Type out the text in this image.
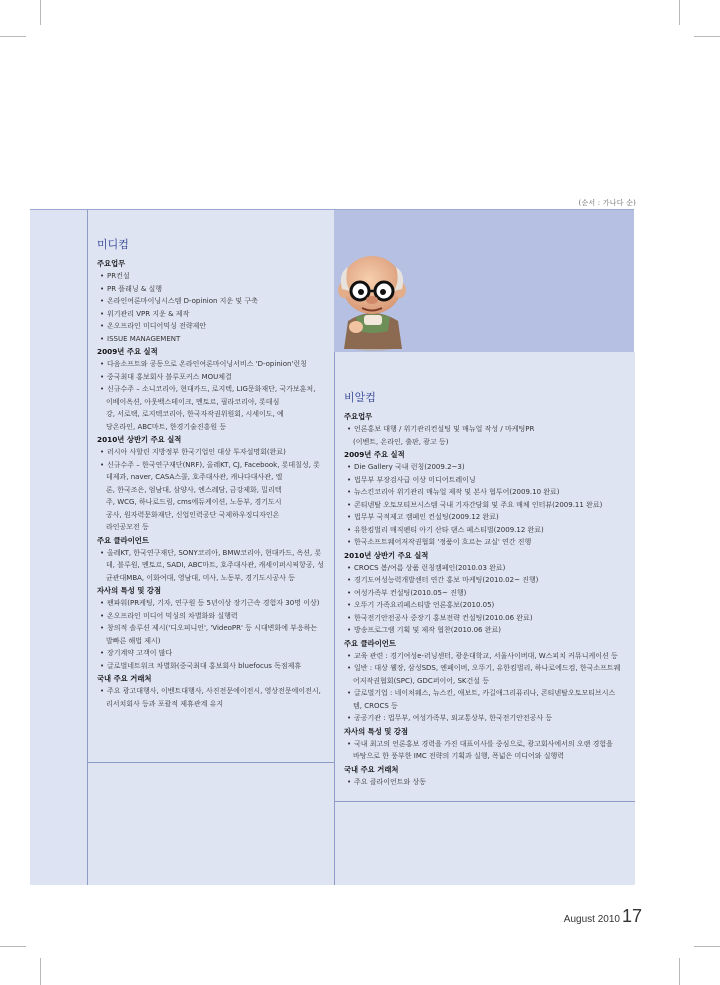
(순서 : 가나다 순)
미디컴
주요업무
• PR컨설
• PR 플래닝 & 실행
• 온라인여론마이닝시스템 D-opinion 지운 및 구축
• 위기관리 VPR 지운 & 제작
• 온오프라인 미디어믹싱 전략제안
• ISSUE MANAGEMENT
2009년 주요 실적
• 다음소프트와 공동으로 온라인여론마이닝서비스 'D-opinion'런칭
• 중국최대 홍보회사 블루포커스 MOU체결
• 신규수주 – 소니코리아, 현대카드, 로지텍, LIG문화재단, 국가보훈처,
이베이옥션, 아웃백스테이크, 멘토르, 필라코리아, 롯데심
강, 서로택, 로지텍코리아, 한국자작권위원회, 시세이도, 예
당온라인, ABC마트, 한경기술진흥원 등
2010년 상반기 주요 실적
• 러시아 사할린 지방정부 한국기업인 대상 투자설명회(완료)
• 신규수주 – 한국연구재단(NRF), 올레KT, CJ, Facebook, 롯데칠성, 롯
데제과, naver, CASA스콜, 호주대사관, 캐나다대사관, 엘
론, 한국조은, 엄남대, 삼양사, 엔스레담, 금강제화, 밀리텍
주, WCG, 하나로드림, cms에듀케이션, 노동부, 경기도시
공사, 원자력문화재단, 신업인력공단 국제하우징디자인온
라인공모전 등
주요 클라이언트
• 올레KT, 한국연구재단, SONY코리아, BMW코리아, 현대카드, 옥션, 롯
데, 블루원, 멘토르, SADI, ABC마트, 호주대사관, 캐세이퍼시픽항공, 성
균관대MBA, 이화여대, 영남대, 미사, 노동부, 경기도시공사 등
자사의 특성 및 강점
• 팬파워(PR케팅, 기자, 연구원 등 5년이상 장기근속 경험자 30명 이상)
• 온오프라인 미디어 믹싱의 차별화와 실행력
• 창의적 솔루션 제시('디오피니언', 'VideoPR' 등 시대변화에 부응하는
발빠른 해법 제시)
• 장기계약 고객이 많다
• 글로벌네트워크 차별화(중국최대 홍보회사 bluefocus 독점제휴
국내 주요 거래처
• 주요 광고대행사, 이벤트대행사, 사진전문에이전시, 영상전문에이전시,
리서치회사 등과 포괄적 제휴관계 유지
비알컴
주요업무
• 언론홍보 대행 / 위기관리컨설팅 및 매뉴얼 작성 / 마케팅PR
(이벤트, 온라인, 출판, 광고 등)
2009년 주요 실적
• Die Gallery 국내 런칭(2009.2~3)
• 법무부 부장검사급 이상 미디어트레이닝
• 뉴스킨코리아 위기관리 매뉴얼 제작 및 본사 협투어(2009.10 완료)
• 콘티넨탈 오토모티브시스템 국내 기자간담회 및 주요 매체 인터뷰(2009.11 완료)
• 법무부 국적제고 캠페인 컨설팅(2009.12 완료)
• 유한킴벌리 매직펜티 아기 산타 댄스 페스티벌(2009.12 완료)
• 한국소프트웨어저작권협회 '정품이 흐르는 교실' 연간 진행
2010년 상반기 주요 실적
• CROCS 봄/여름 상품 런칭캠페인(2010.03 완료)
• 경기도여성능력개발센터 연간 홍보 마케팅(2010.02~ 진행)
• 여성가족부 컨설팅(2010.05~ 진행)
• 오뚜기 가족요리페스티발 언론홍보(2010.05)
• 한국전기안전공사 중장기 홍보전략 컨설팅(2010.06 완료)
• 방송프로그램 기획 및 제작 협찬(2010.06 완료)
주요 클라이언트
• 교육 관련 : 경기여성e-러닝센터, 광운대학교, 서울사이버대, W스피치 커뮤니케이션 등
• 일반 : 대상 웰장, 삼성SDS, 엔페이버, 오뚜기, 유한킴벌리, 하나로에드컴, 한국소프트웨
어저작권협회(SPC), GDC퍼이어, SK건설 등
• 글로벌기업 : 네이처웨스, 뉴스킨, 애보트, 카길애그리퓨리나, 콘티넨탈오토모티브시스
템, CROCS 등
• 공공기관 : 법무부, 여성가족부, 외교통상부, 한국전기안전공사 등
자사의 특성 및 강점
• 국내 최고의 언론홍보 경력을 가진 대표이사를 중심으로, 광고회사에서의 오랜 경험을
바탕으로 한 풍부한 IMC 전략의 기획과 실행, 폭넓은 미디어와 실행력
국내 주요 거래처
• 주요 클라이언트와 상동
August 2010 17
